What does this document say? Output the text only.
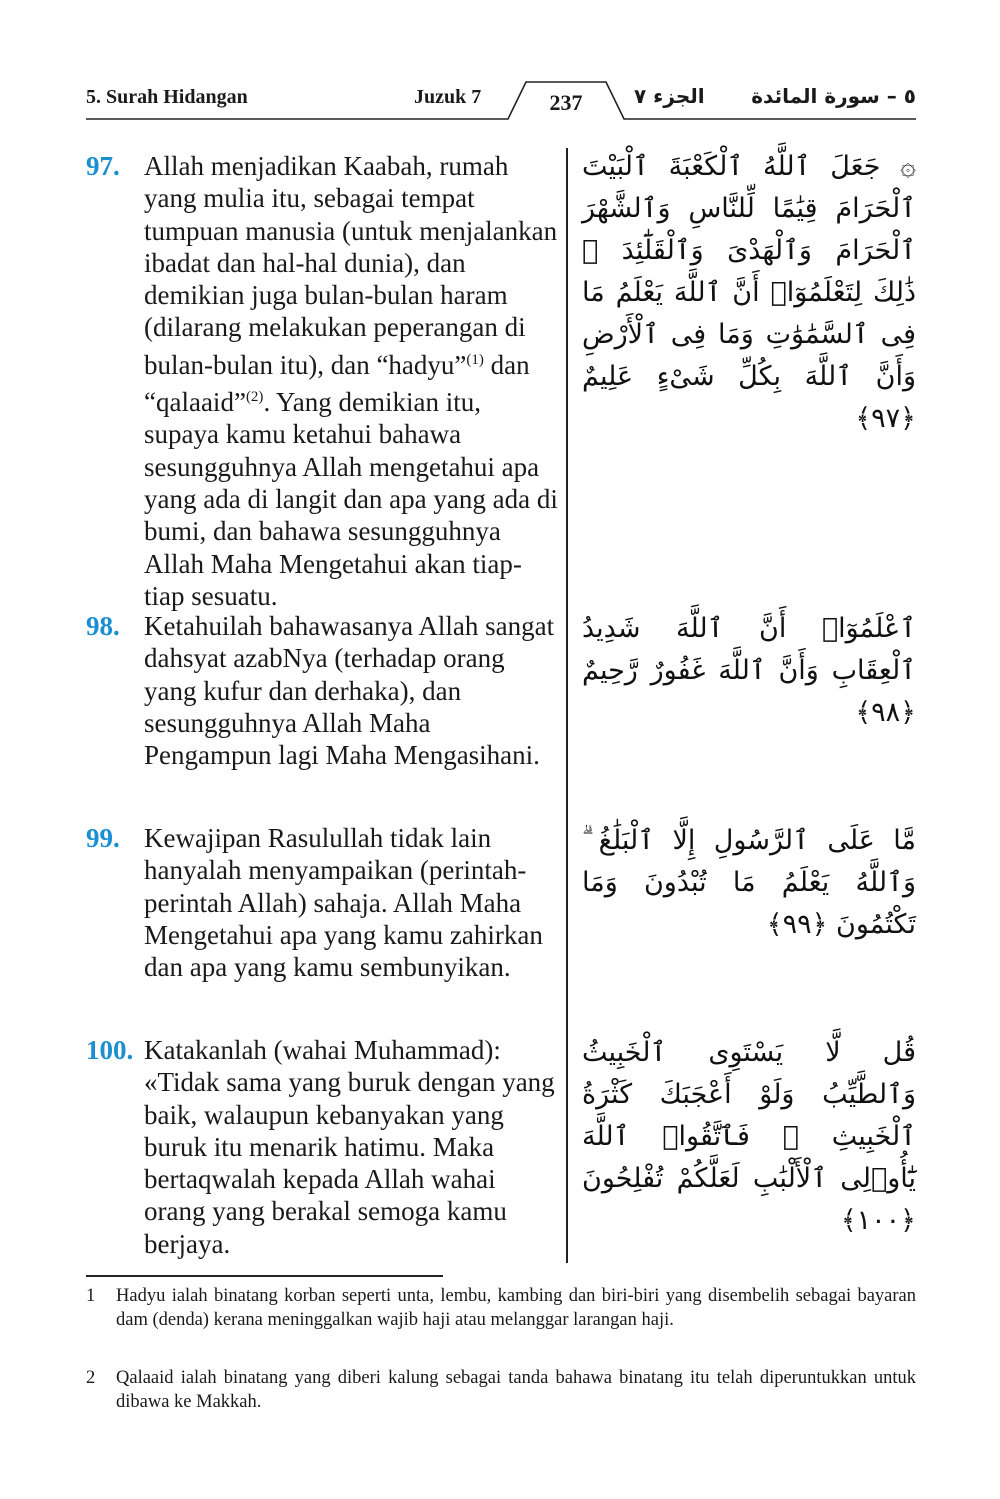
5. Surah Hidangan	Juzuk 7	237	الجزء ٧ ٥ – سورة المائدة
97. Allah menjadikan Kaabah, rumah yang mulia itu, sebagai tempat tumpuan manusia (untuk menjalankan ibadat dan hal-hal dunia), dan demikian juga bulan-bulan haram (dilarang melakukan peperangan di bulan-bulan itu), dan “hadyu”$^{(1)}$ dan “qalaaid”$^{(2)}$. Yang demikian itu, supaya kamu ketahui bahawa sesungguhnya Allah mengetahui apa yang ada di langit dan apa yang ada di bumi, dan bahawa sesungguhnya Allah Maha Mengetahui akan tiap-tiap sesuatu.
۞ جَعَلَ ٱللَّهُ ٱلْكَعْبَةَ ٱلْبَيْتَ ٱلْحَرَامَ قِيَٰمًا لِّلنَّاسِ وَٱلشَّهْرَ ٱلْحَرَامَ وَٱلْهَدْىَ وَٱلْقَلَٰٓئِدَ ۚ ذَٰلِكَ لِتَعْلَمُوٓا۟ أَنَّ ٱللَّهَ يَعْلَمُ مَا فِى ٱلسَّمَٰوَٰتِ وَمَا فِى ٱلْأَرْضِ وَأَنَّ ٱللَّهَ بِكُلِّ شَىْءٍ عَلِيمٌ ﴿٩٧﴾
98. Ketahuilah bahawasanya Allah sangat dahsyat azabNya (terhadap orang yang kufur dan derhaka), dan sesungguhnya Allah Maha Pengampun lagi Maha Mengasihani.
ٱعْلَمُوٓا۟ أَنَّ ٱللَّهَ شَدِيدُ ٱلْعِقَابِ وَأَنَّ ٱللَّهَ غَفُورٌ رَّحِيمٌ ﴿٩٨﴾
99. Kewajipan Rasulullah tidak lain hanyalah menyampaikan (perintah-perintah Allah) sahaja. Allah Maha Mengetahui apa yang kamu zahirkan dan apa yang kamu sembunyikan.
مَّا عَلَى ٱلرَّسُولِ إِلَّا ٱلْبَلَٰغُ ۗ وَٱللَّهُ يَعْلَمُ مَا تُبْدُونَ وَمَا تَكْتُمُونَ ﴿٩٩﴾
100. Katakanlah (wahai Muhammad): «Tidak sama yang buruk dengan yang baik, walaupun kebanyakan yang buruk itu menarik hatimu. Maka bertaqwalah kepada Allah wahai orang yang berakal semoga kamu berjaya.
قُل لَّا يَسْتَوِى ٱلْخَبِيثُ وَٱلطَّيِّبُ وَلَوْ أَعْجَبَكَ كَثْرَةُ ٱلْخَبِيثِ ۚ فَٱتَّقُوا۟ ٱللَّهَ يَٰٓأُو۟لِى ٱلْأَلْبَٰبِ لَعَلَّكُمْ تُفْلِحُونَ ﴿١٠٠﴾
1 Hadyu ialah binatang korban seperti unta, lembu, kambing dan biri-biri yang disembelih sebagai bayaran dam (denda) kerana meninggalkan wajib haji atau melanggar larangan haji.
2 Qalaaid ialah binatang yang diberi kalung sebagai tanda bahawa binatang itu telah diperuntukkan untuk dibawa ke Makkah.
